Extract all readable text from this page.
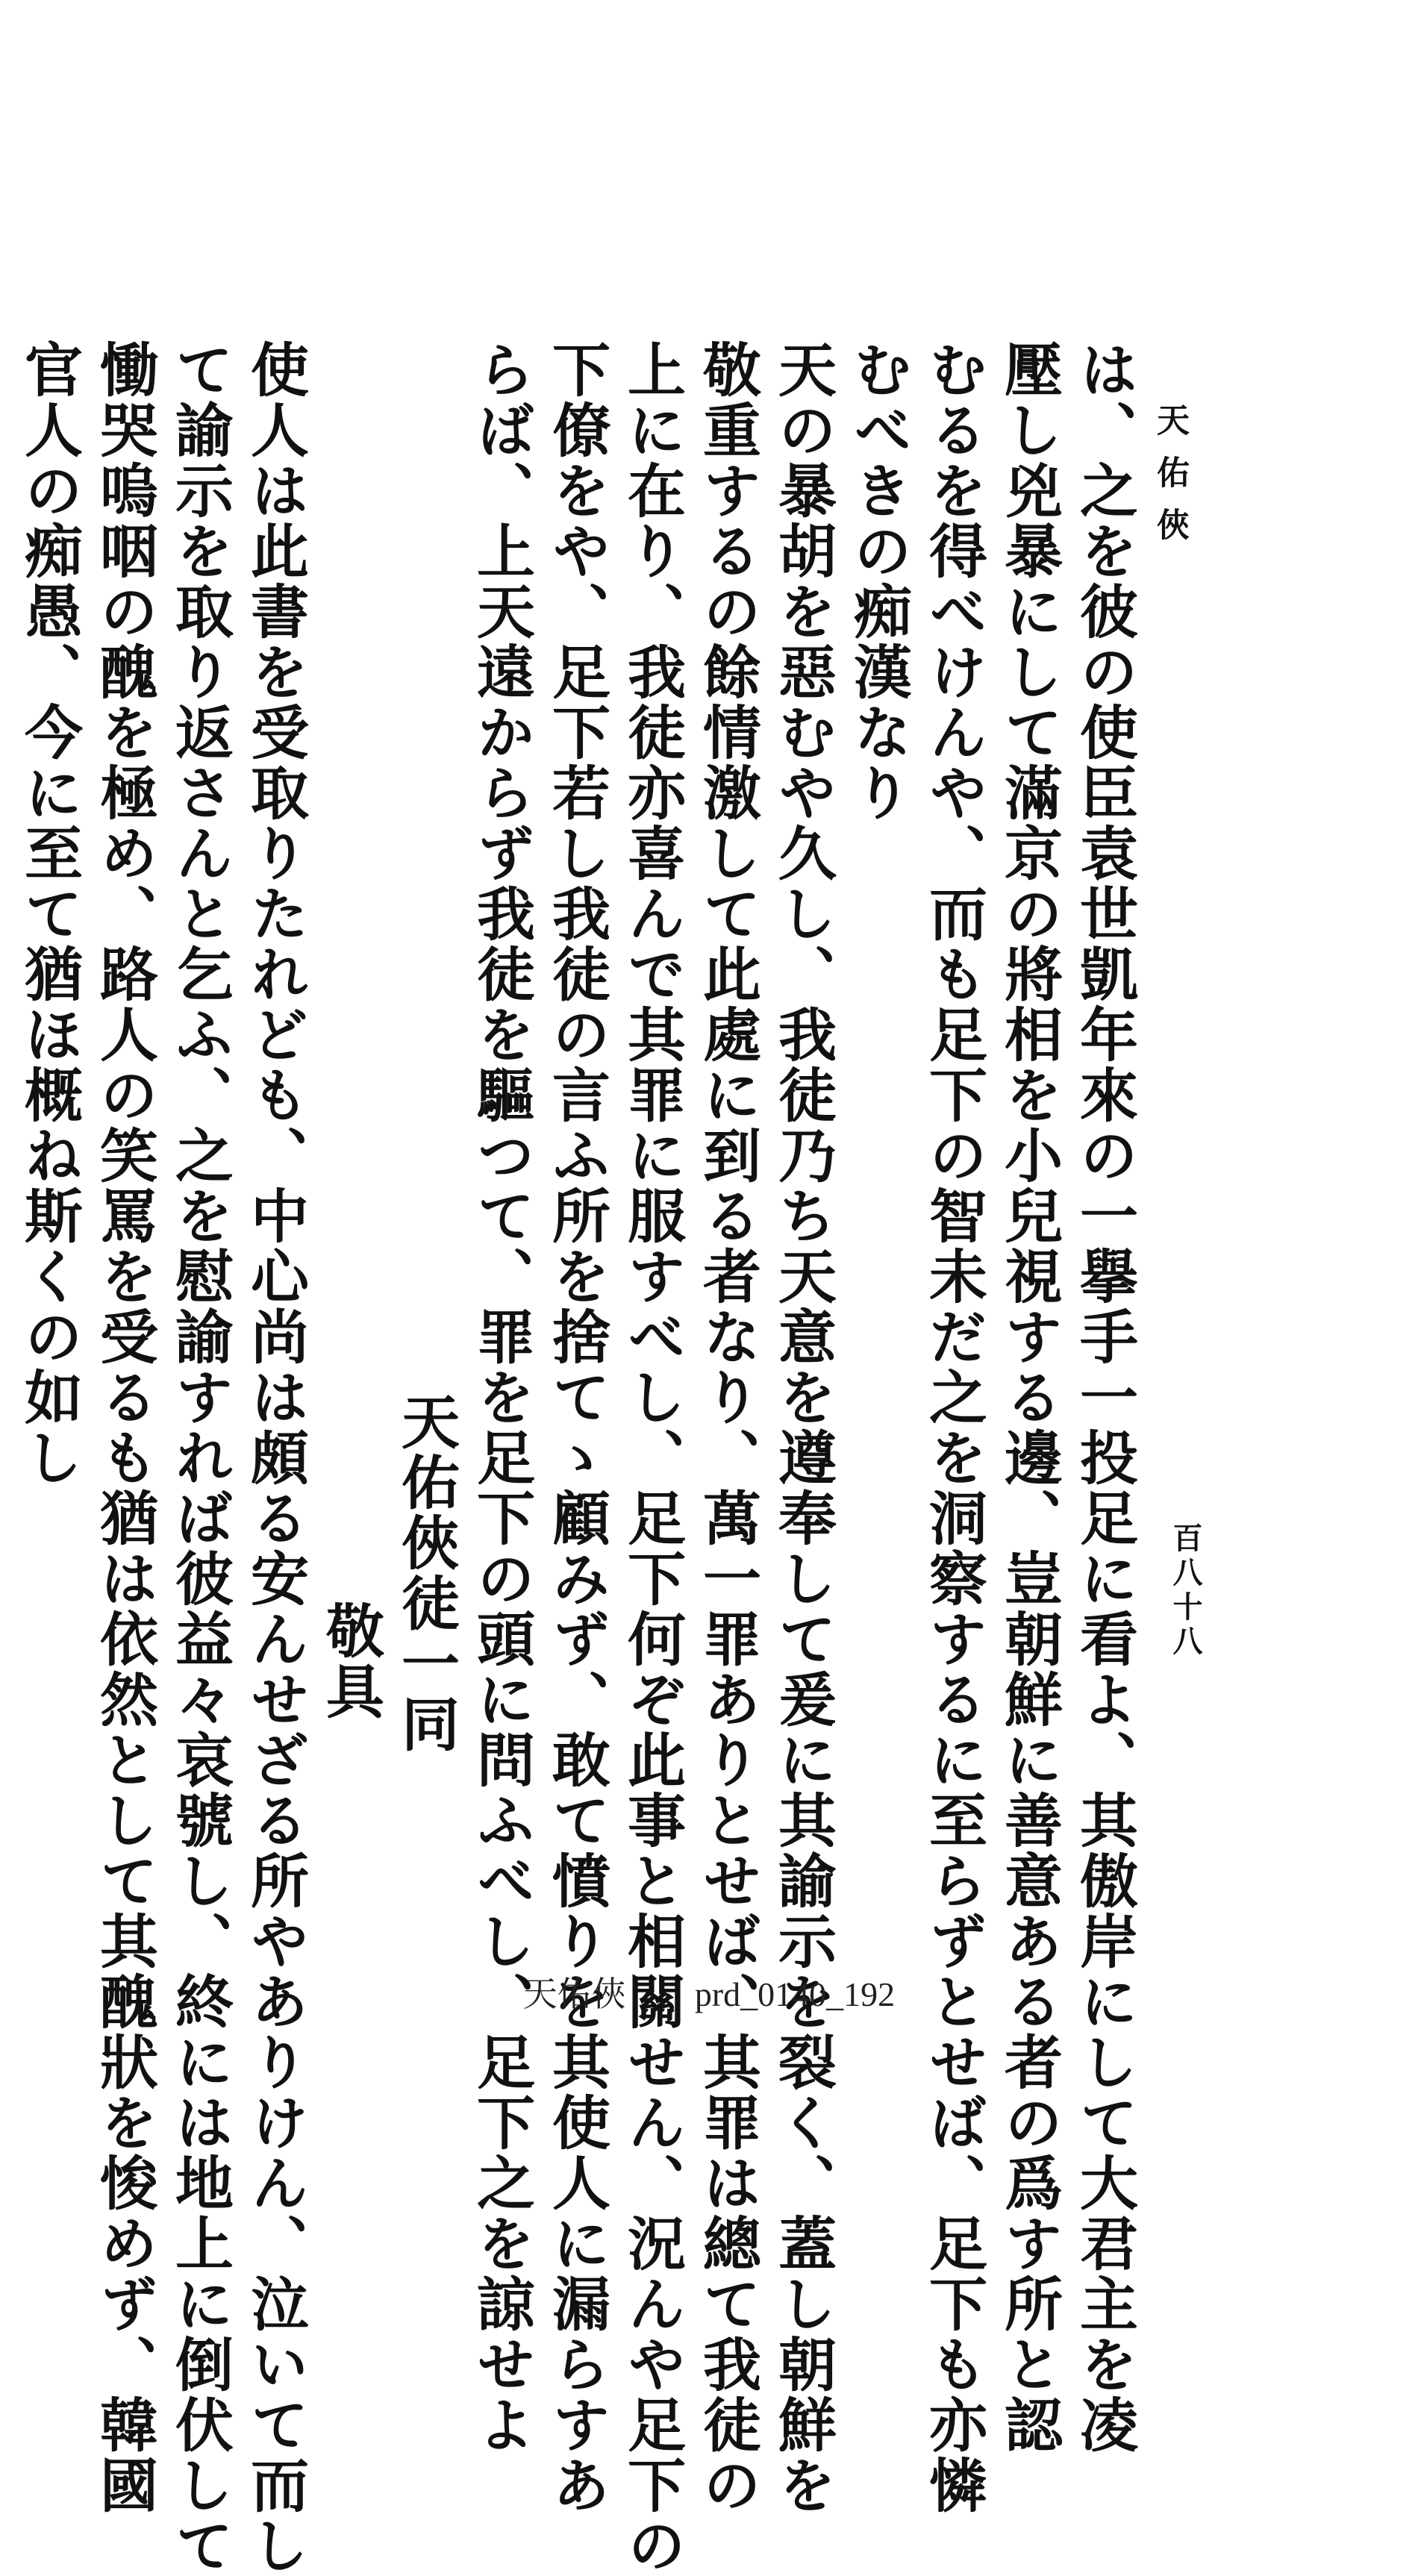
天佑俠
百八十八
は、之を彼の使臣袁世凱年來の一擧手一投足に看よ、其傲岸にして大君主を凌
壓し兇暴にして滿京の將相を小兒視する邊、豈朝鮮に善意ある者の爲す所と認
むるを得べけんや、而も足下の智未だ之を洞察するに至らずとせば、足下も亦憐
むべきの痴漢なり
天の暴胡を惡むや久し、我徒乃ち天意を遵奉して爰に其諭示を裂く、蓋し朝鮮を
敬重するの餘情激して此處に到る者なり、萬一罪ありとせば、其罪は總て我徒の
上に在り、我徒亦喜んで其罪に服すべし、足下何ぞ此事と相關せん、況んや足下の
下僚をや、足下若し我徒の言ふ所を捨てゝ顧みず、敢て憤りを其使人に漏らすあ
らば、上天遠からず我徒を驅つて、罪を足下の頭に問ふべし、足下之を諒せよ
天佑俠徒一同
敬具
使人は此書を受取りたれども、中心尚は頗る安んせざる所やありけん、泣いて而し
て諭示を取り返さんと乞ふ、之を慰諭すれば彼益々哀號し、終には地上に倒伏して
慟哭嗚咽の醜を極め、路人の笑罵を受るも猶は依然として其醜狀を悛めず、韓國
官人の痴愚、今に至て猶ほ概ね斯くの如し
天佑俠　　prd_0140_192
